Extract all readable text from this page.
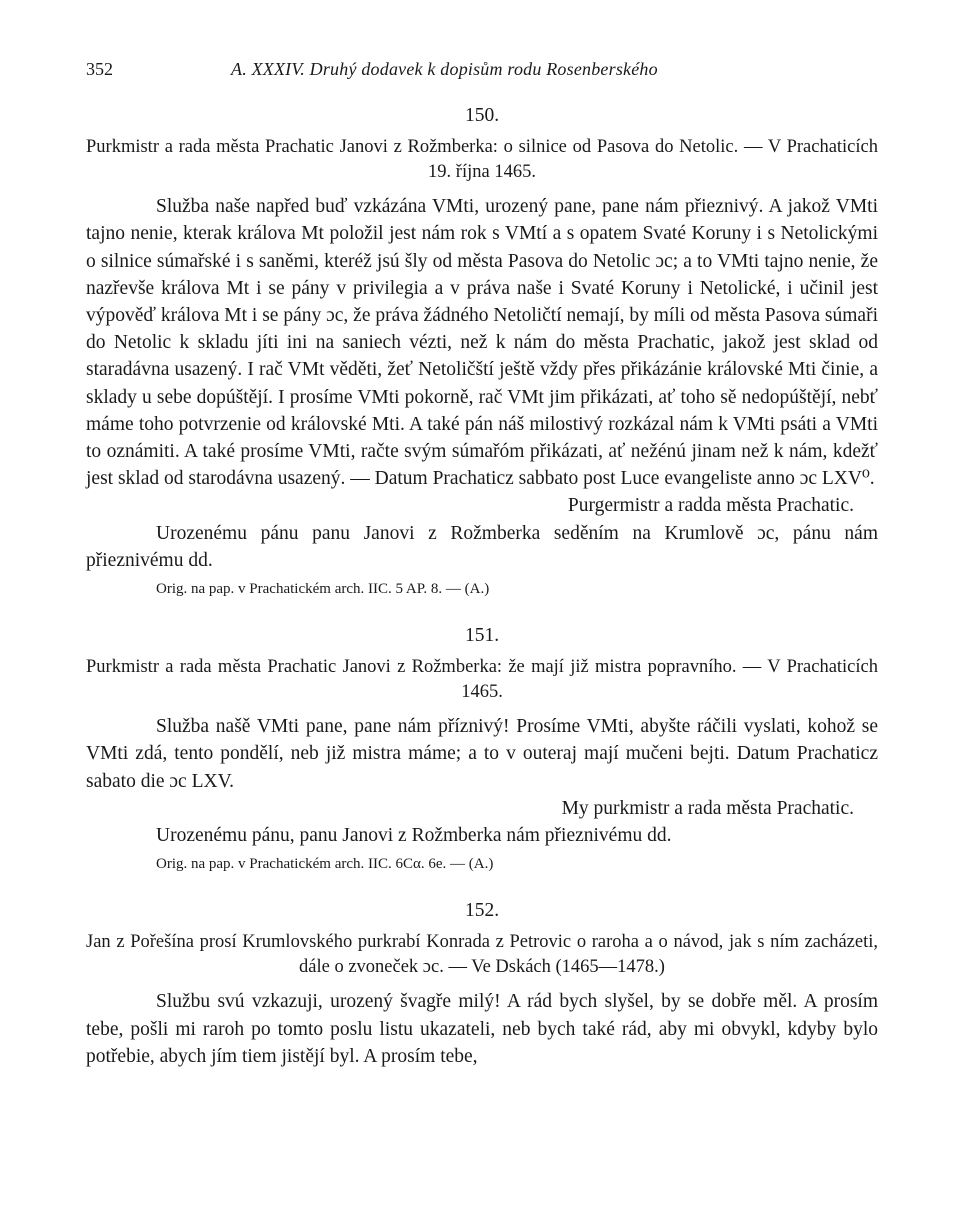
352	A. XXXIV. Druhý dodavek k dopisům rodu Rosenberského

150.

Purkmistr a rada města Prachatic Janovi z Rožmberka: o silnice od Pasova do Netolic. — V Prachaticích 19. října 1465.

Služba naše napřed buď vzkázána VMti, urozený pane, pane nám přieznivý. A jakož VMti tajno nenie, kterak králova Mt položil jest nám rok s VMtí a s opatem Svaté Koruny i s Netolickými o silnice súmařské i s saněmi, kteréž jsú šly od města Pasova do Netolic ɔc; a to VMti tajno nenie, že nazřevše králova Mt i se pány v privilegia a v práva naše i Svaté Koruny i Netolické, i učinil jest výpověď králova Mt i se pány ɔc, že práva žádného Netoličtí nemají, by míli od města Pasova súmaři do Netolic k skladu jíti ini na saniech vézti, než k nám do města Prachatic, jakož jest sklad od staradávna usazený. I rač VMt věděti, žeť Netoličští ještě vždy přes přikázánie královské Mti činie, a sklady u sebe dopúštějí. I prosíme VMti pokorně, rač VMt jim přikázati, ať toho sě nedopúštějí, nebť máme toho potvrzenie od královské Mti. A také pán náš milostivý rozkázal nám k VMti psáti a VMti to oznámiti. A také prosíme VMti, račte svým súmařóm přikázati, ať nežénú jinam než k nám, kdežť jest sklad od starodávna usazený. — Datum Prachaticz sabbato post Luce evangeliste anno ɔc LXV⁰.

Purgermistr a radda města Prachatic.

Urozenému pánu panu Janovi z Rožmberka seděním na Krumlově ɔc, pánu nám přieznivému dd.

Orig. na pap. v Prachatickém arch. IIC. 5 AP. 8. — (A.)

151.

Purkmistr a rada města Prachatic Janovi z Rožmberka: že mají již mistra popravního. — V Prachaticích 1465.

Služba našě VMti pane, pane nám příznivý! Prosíme VMti, abyšte ráčili vyslati, kohož se VMti zdá, tento pondělí, neb již mistra máme; a to v outeraj mají mučeni bejti. Datum Prachaticz sabato die ɔc LXV.

My purkmistr a rada města Prachatic.

Urozenému pánu, panu Janovi z Rožmberka nám přieznivému dd.

Orig. na pap. v Prachatickém arch. IIC. 6Cα. 6e. — (A.)

152.

Jan z Pořešína prosí Krumlovského purkrabí Konrada z Petrovic o raroha a o návod, jak s ním zacházeti, dále o zvoneček ɔc. — Ve Dskách (1465—1478.)

Službu svú vzkazuji, urozený švagře milý! A rád bych slyšel, by se dobře měl. A prosím tebe, pošli mi raroh po tomto poslu listu ukazateli, neb bych také rád, aby mi obvykl, kdyby bylo potřebie, abych jím tiem jistějí byl. A prosím tebe,
